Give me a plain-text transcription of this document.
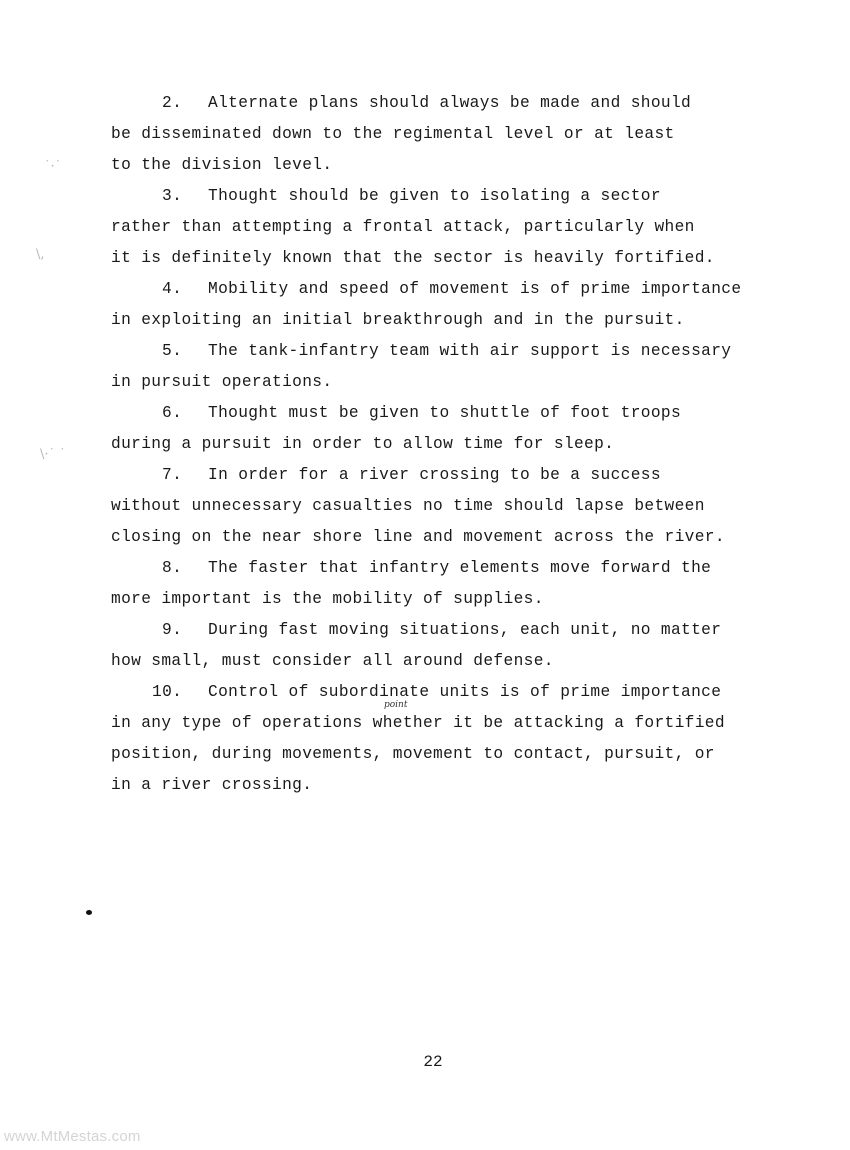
2. Alternate plans should always be made and should
be disseminated down to the regimental level or at least
to the division level.
3. Thought should be given to isolating a sector
rather than attempting a frontal attack, particularly when
it is definitely known that the sector is heavily fortified.
4. Mobility and speed of movement is of prime importance
in exploiting an initial breakthrough and in the pursuit.
5. The tank-infantry team with air support is necessary
in pursuit operations.
6. Thought must be given to shuttle of foot troops
during a pursuit in order to allow time for sleep.
7. In order for a river crossing to be a success
without unnecessary casualties no time should lapse between
closing on the near shore line and movement across the river.
8. The faster that infantry elements move forward the
more important is the mobility of supplies.
9. During fast moving situations, each unit, no matter
how small, must consider all around defense.
10. Control of subordinate units is of prime importance
in any type of operations whether it be attacking a fortified
position, during movements, movement to contact, pursuit, or
in a river crossing.
point
22
www.MtMestas.com
˙·˙
\,
\·˙ ˙
